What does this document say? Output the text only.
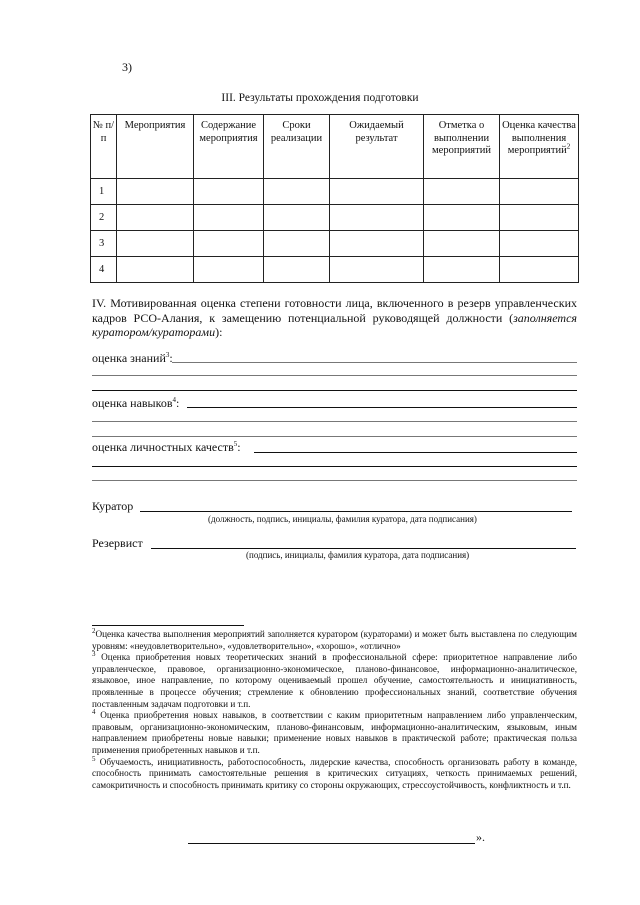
3)
III. Результаты прохождения подготовки
№ п/п	Мероприятия	Содержание мероприятия	Сроки реализации	Ожидаемый результат	Отметка о выполнении мероприятий	Оценка качества выполнения мероприятий$^2$
1						
2						
3						
4						
IV. Мотивированная оценка степени готовности лица, включенного в резерв управленческих кадров РСО-Алания, к замещению потенциальной руководящей должности (заполняется куратором/кураторами):
оценка знаний$^3$:
оценка навыков$^4$:
оценка личностных качеств$^5$:
Куратор
(должность, подпись, инициалы, фамилия куратора, дата подписания)
Резервист
(подпись, инициалы, фамилия куратора, дата подписания)

$^2$Оценка качества выполнения мероприятий заполняется куратором (кураторами) и может быть выставлена по следующим уровням: «неудовлетворительно», «удовлетворительно», «хорошо», «отлично»

$^3$ Оценка приобретения новых теоретических знаний в профессиональной сфере: приоритетное направление либо управленческое, правовое, организационно-экономическое, планово-финансовое, информационно-аналитическое, языковое, иное направление, по которому оцениваемый прошел обучение, самостоятельность и инициативность, проявленные в процессе обучения; стремление к обновлению профессиональных знаний, соответствие обучения поставленным задачам подготовки и т.п.

$^4$ Оценка приобретения новых навыков, в соответствии с каким приоритетным направлением либо управленческим, правовым, организационно-экономическим, планово-финансовым, информационно-аналитическим, языковым, иным направлением приобретены новые навыки; применение новых навыков в практической работе; практическая польза применения приобретенных навыков и т.п.

$^5$ Обучаемость, инициативность, работоспособность, лидерские качества, способность организовать работу в команде, способность принимать самостоятельные решения в критических ситуациях, четкость принимаемых решений, самокритичность и способность принимать критику со стороны окружающих, стрессоустойчивость, конфликтность и т.п.

».
